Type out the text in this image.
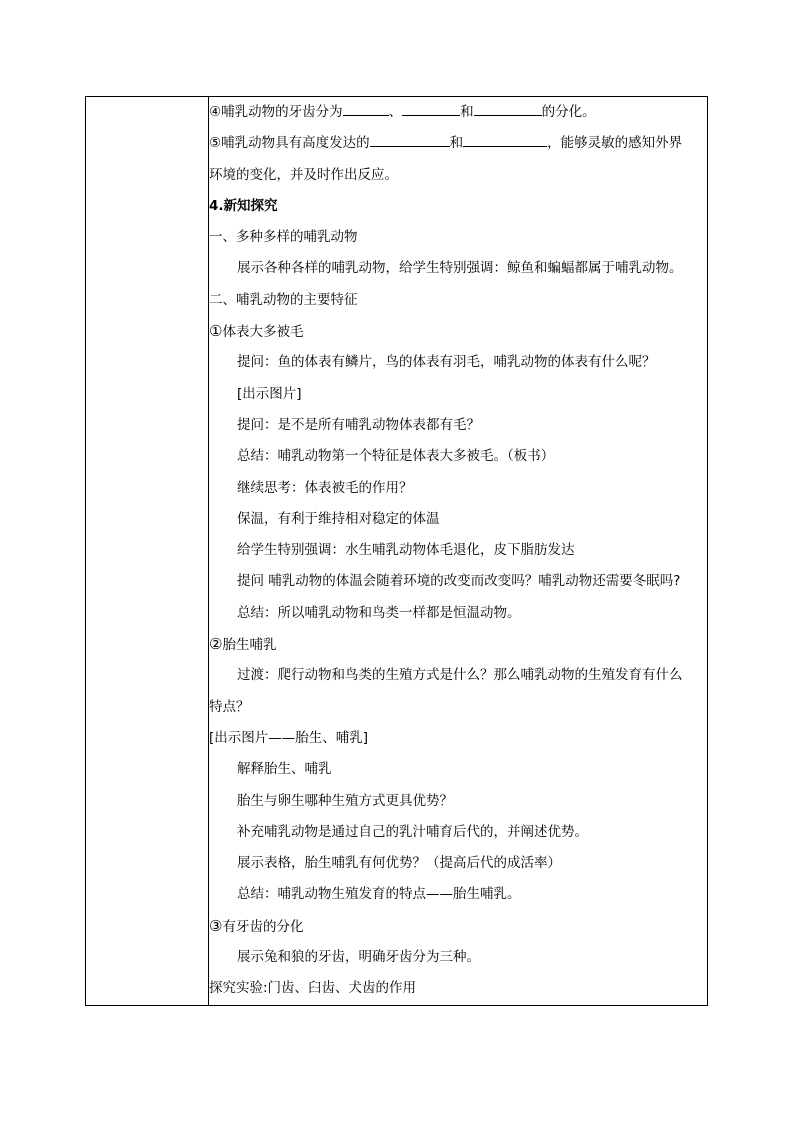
④哺乳动物的牙齿分为	、	和	的分化。
⑤哺乳动物具有高度发达的	和	，能够灵敏的感知外界
环境的变化，并及时作出反应。
4.新知探究
一、多种多样的哺乳动物
展示各种各样的哺乳动物，给学生特别强调：鲸鱼和蝙蝠都属于哺乳动物。
二、哺乳动物的主要特征
①体表大多被毛
提问：鱼的体表有鳞片，鸟的体表有羽毛，哺乳动物的体表有什么呢？
[出示图片]
提问：是不是所有哺乳动物体表都有毛？
总结：哺乳动物第一个特征是体表大多被毛。（板书）
继续思考：体表被毛的作用？
保温，有利于维持相对稳定的体温
给学生特别强调：水生哺乳动物体毛退化，皮下脂肪发达
提问 哺乳动物的体温会随着环境的改变而改变吗？哺乳动物还需要冬眠吗?
总结：所以哺乳动物和鸟类一样都是恒温动物。
②胎生哺乳
过渡：爬行动物和鸟类的生殖方式是什么？那么哺乳动物的生殖发育有什么
特点？
[出示图片——胎生、哺乳]
解释胎生、哺乳
胎生与卵生哪种生殖方式更具优势？
补充哺乳动物是通过自己的乳汁哺育后代的，并阐述优势。
展示表格，胎生哺乳有何优势？（提高后代的成活率）
总结：哺乳动物生殖发育的特点——胎生哺乳。
③有牙齿的分化
展示兔和狼的牙齿，明确牙齿分为三种。
探究实验:门齿、臼齿、犬齿的作用
